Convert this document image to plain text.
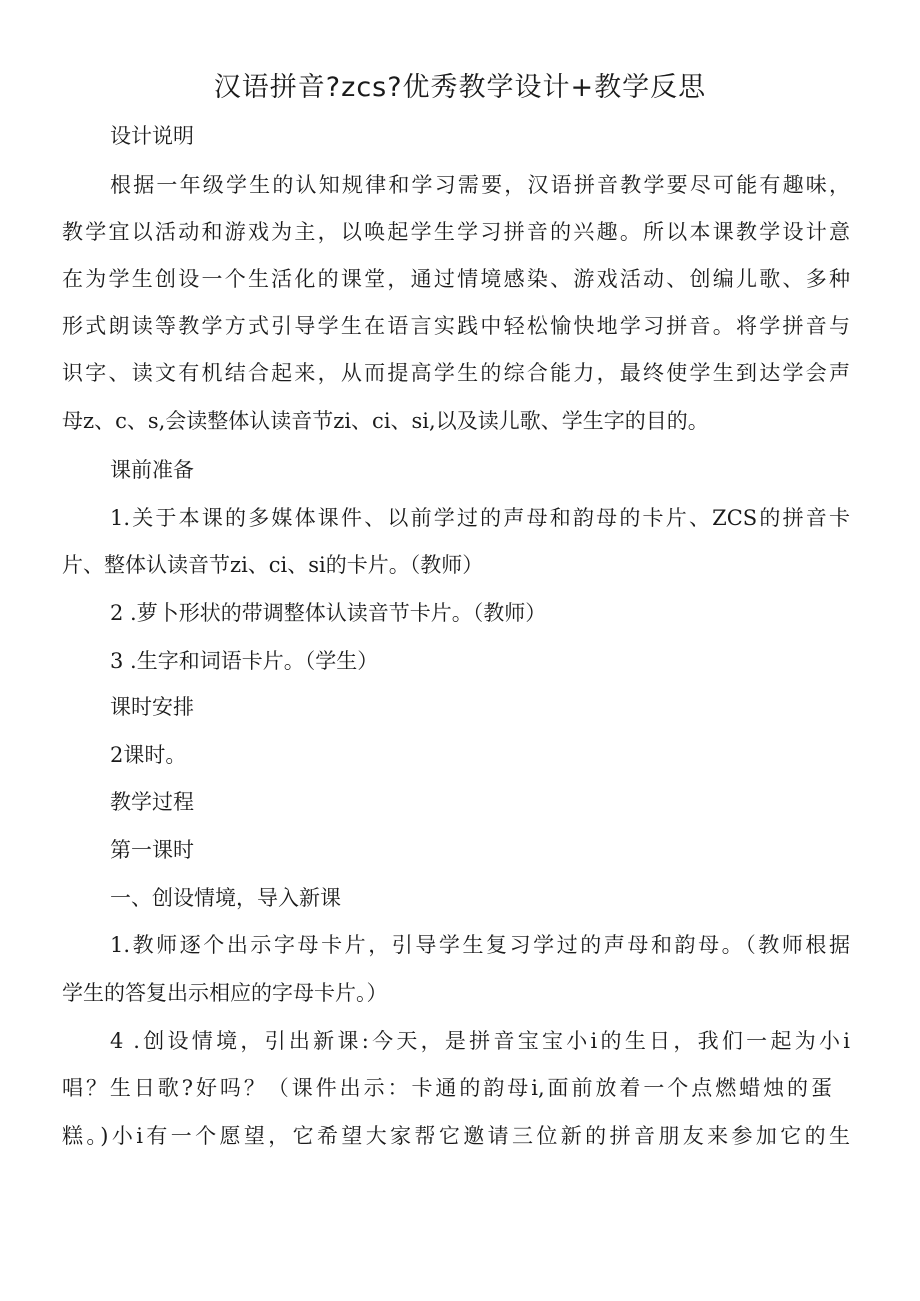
汉语拼音?zcs?优秀教学设计+教学反思

设计说明

根据一年级学生的认知规律和学习需要，汉语拼音教学要尽可能有趣味，

教学宜以活动和游戏为主，以唤起学生学习拼音的兴趣。所以本课教学设计意

在为学生创设一个生活化的课堂，通过情境感染、游戏活动、创编儿歌、多种

形式朗读等教学方式引导学生在语言实践中轻松愉快地学习拼音。将学拼音与

识字、读文有机结合起来，从而提高学生的综合能力，最终使学生到达学会声

母z、c、s,会读整体认读音节zi、ci、si,以及读儿歌、学生字的目的。

课前准备

1.关于本课的多媒体课件、以前学过的声母和韵母的卡片、ZCS的拼音卡

片、整体认读音节zi、ci、si的卡片。（教师）

2 .萝卜形状的带调整体认读音节卡片。（教师）

3 .生字和词语卡片。（学生）

课时安排

2课时。

教学过程

第一课时

一、创设情境，导入新课

1.教师逐个出示字母卡片，引导学生复习学过的声母和韵母。（教师根据

学生的答复出示相应的字母卡片。）

4 .创设情境，引出新课:今天，是拼音宝宝小i的生日，我们一起为小i

唱？生日歌?好吗？（课件出示：卡通的韵母i,面前放着一个点燃蜡烛的蛋

糕。)小i有一个愿望，它希望大家帮它邀请三位新的拼音朋友来参加它的生
